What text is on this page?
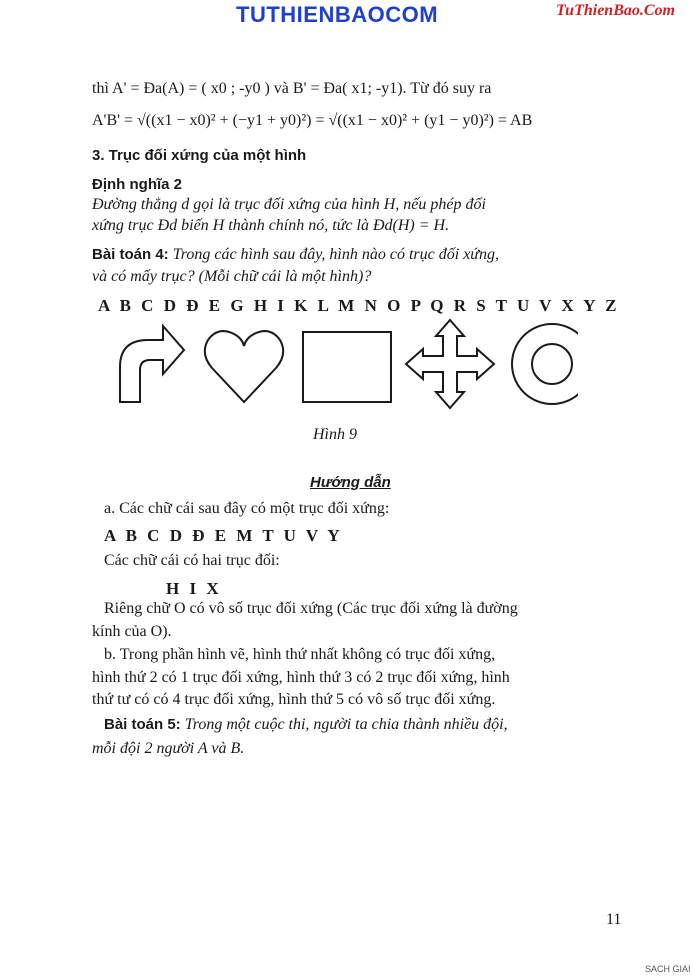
TUTHIENBAOCOM	TuThienBao.Com
thì A' = Đa(A) = ( x0 ; -y0 ) và B' = Đa( x1; -y1). Từ đó suy ra
A'B' = √((x1 − x0)² + (−y1 + y0)²) = √((x1 − x0)² + (y1 − y0)²) = AB
3. Trục đối xứng của một hình
Định nghĩa 2
Đường thẳng d gọi là trục đối xứng của hình H, nếu phép đối
xứng trục Đd biến H thành chính nó, tức là Đd(H) = H.
Bài toán 4: Trong các hình sau đây, hình nào có trục đối xứng,
và có mấy trục? (Mỗi chữ cái là một hình)?
A B C D Đ E G H I K L M N O P Q R S T U V X Y Z
Hình 9
Hướng dẫn
a. Các chữ cái sau đây có một trục đối xứng:
A B C D Đ E M T U V Y
Các chữ cái có hai trục đối:
H I X
Riêng chữ O có vô số trục đối xứng (Các trục đối xứng là đường
kính của O).
b. Trong phần hình vẽ, hình thứ nhất không có trục đối xứng,
hình thứ 2 có 1 trục đối xứng, hình thứ 3 có 2 trục đối xứng, hình
thứ tư có có 4 trục đối xứng, hình thứ 5 có vô số trục đối xứng.
Bài toán 5: Trong một cuộc thi, người ta chia thành nhiều đội,
mỗi đội 2 người A và B.
11
SACH GIAI
